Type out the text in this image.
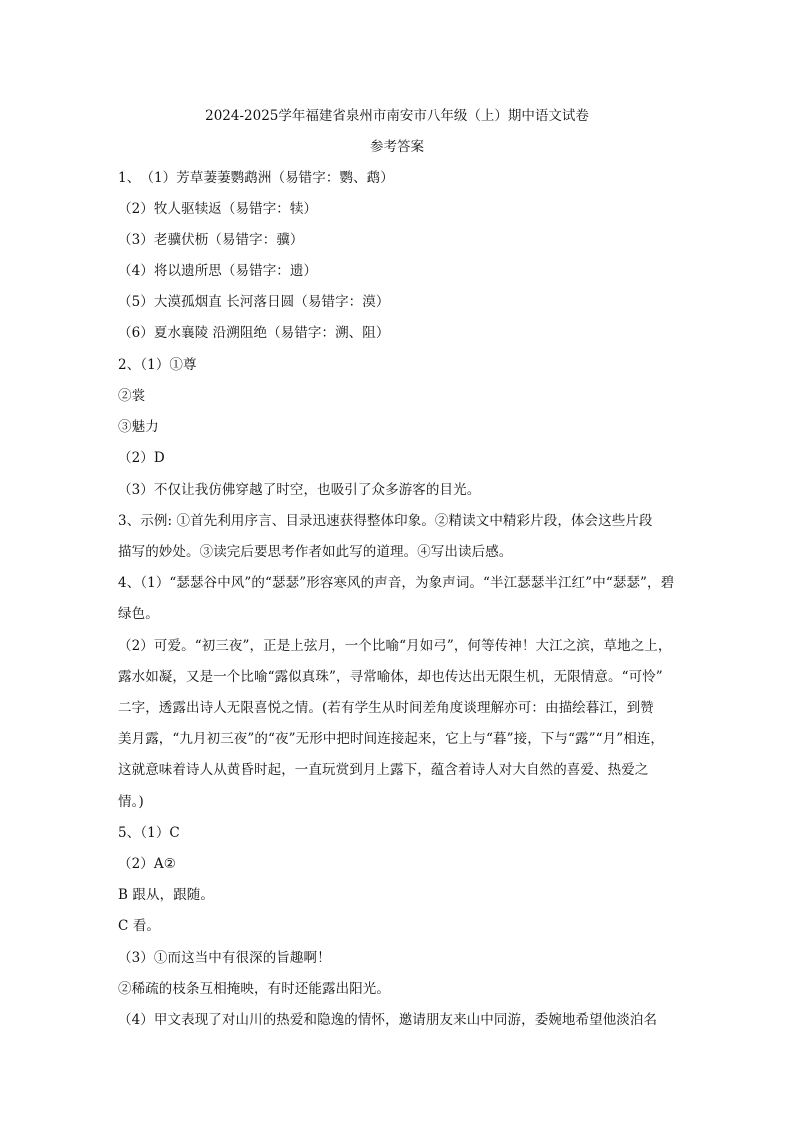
2024-2025学年福建省泉州市南安市八年级（上）期中语文试卷
参考答案
1、　（1）芳草萋萋鹦鹉洲（易错字：鹦、鹉）
（2）牧人驱犊返（易错字：犊）
（3）老骥伏枥（易错字：骥）
（4）将以遗所思（易错字：遗）
（5）大漠孤烟直 长河落日圆（易错字：漠）
（6）夏水襄陵 沿溯阻绝（易错字：溯、阻）
2、（1）①尊
②裳
③魅力
（2）D
（3）不仅让我仿佛穿越了时空，也吸引了众多游客的目光。
3、示例: ①首先利用序言、目录迅速获得整体印象。②精读文中精彩片段，体会这些片段
描写的妙处。③读完后要思考作者如此写的道理。④写出读后感。
4、（1）“瑟瑟谷中风”的“瑟瑟”形容寒风的声音，为象声词。“半江瑟瑟半江红”中“瑟瑟”，碧
绿色。
（2）可爱。“初三夜”，正是上弦月，一个比喻“月如弓”，何等传神！大江之滨，草地之上，
露水如凝，又是一个比喻“露似真珠”，寻常喻体，却也传达出无限生机，无限情意。“可怜”
二字，透露出诗人无限喜悦之情。(若有学生从时间差角度谈理解亦可：由描绘暮江，到赞
美月露，“九月初三夜”的“夜”无形中把时间连接起来，它上与“暮”接，下与“露”“月”相连，
这就意味着诗人从黄昏时起，一直玩赏到月上露下，蕴含着诗人对大自然的喜爱、热爱之
情。)
5、（1）C
（2）A②
B 跟从，跟随。
C 看。
（3）①而这当中有很深的旨趣啊！
②稀疏的枝条互相掩映，有时还能露出阳光。
（4）甲文表现了对山川的热爱和隐逸的情怀，邀请朋友来山中同游，委婉地希望他淡泊名
